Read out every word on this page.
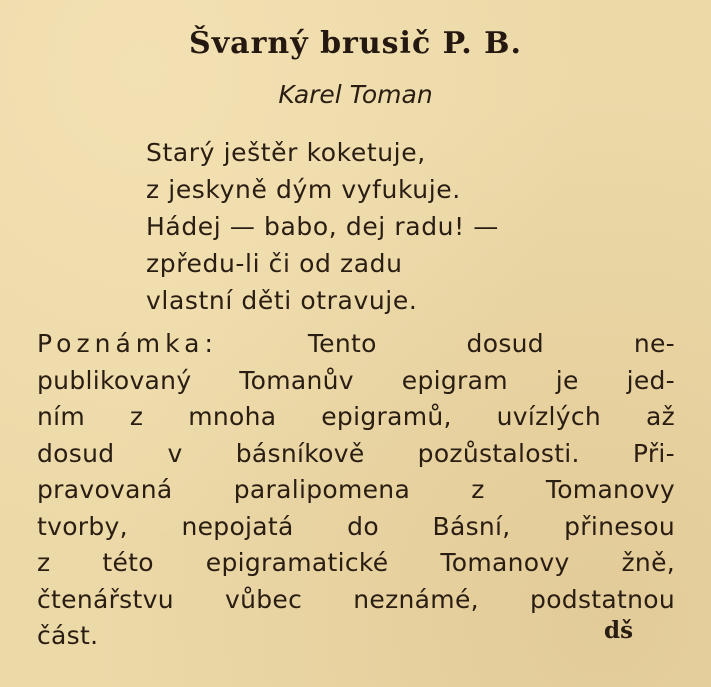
Švarný brusič P. B.
Karel Toman
Starý ještěr koketuje,
z jeskyně dým vyfukuje.
Hádej — babo, dej radu! —
zpředu-li či od zadu
vlastní děti otravuje.
Poznámka:	Tento dosud ne-
publikovaný Tomanův epigram je jed-
ním z mnoha epigramů, uvízlých až
dosud v básníkově pozůstalosti. Při-
pravovaná paralipomena z Tomanovy
tvorby, nepojatá do Básní, přinesou
z této epigramatické Tomanovy žně,
čtenářstvu vůbec neznámé, podstatnou
část.	dš
